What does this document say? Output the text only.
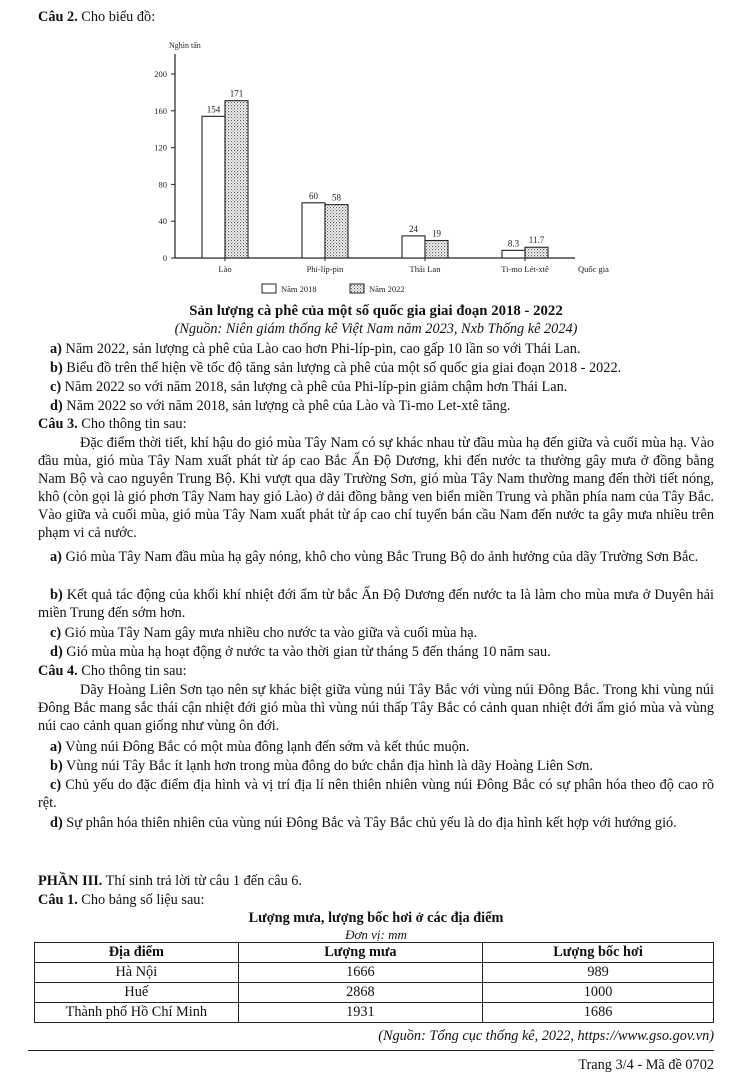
Câu 2. Cho biểu đồ:
Nghìn tấn
Quốc gia
0
40
80
120
160
200
Lào	Phi-líp-pin	Thái Lan	Ti-mo Lét-xtê
154
171
60 58
24 19
8.3 11.7
Năm 2018	Năm 2022
Sản lượng cà phê của một số quốc gia giai đoạn 2018 - 2022
(Nguồn: Niên giám thống kê Việt Nam năm 2023, Nxb Thống kê 2024)
a) Năm 2022, sản lượng cà phê của Lào cao hơn Phi-líp-pin, cao gấp 10 lần so với Thái Lan.
b) Biểu đồ trên thể hiện về tốc độ tăng sản lượng cà phê của một số quốc gia giai đoạn 2018 - 2022.
c) Năm 2022 so với năm 2018, sản lượng cà phê của Phi-líp-pin giảm chậm hơn Thái Lan.
d) Năm 2022 so với năm 2018, sản lượng cà phê của Lào và Ti-mo Let-xtê tăng.
Câu 3. Cho thông tin sau:
Đặc điểm thời tiết, khí hậu do gió mùa Tây Nam có sự khác nhau từ đầu mùa hạ đến giữa và cuối mùa hạ. Vào đầu mùa, gió mùa Tây Nam xuất phát từ áp cao Bắc Ấn Độ Dương, khi đến nước ta thường gây mưa ở đồng bằng Nam Bộ và cao nguyên Trung Bộ. Khi vượt qua dãy Trường Sơn, gió mùa Tây Nam thường mang đến thời tiết nóng, khô (còn gọi là gió phơn Tây Nam hay gió Lào) ở dải đồng bằng ven biển miền Trung và phần phía nam của Tây Bắc. Vào giữa và cuối mùa, gió mùa Tây Nam xuất phát từ áp cao chí tuyến bán cầu Nam đến nước ta gây mưa nhiều trên phạm vi cả nước.
a) Gió mùa Tây Nam đầu mùa hạ gây nóng, khô cho vùng Bắc Trung Bộ do ảnh hưởng của dãy Trường Sơn Bắc.
b) Kết quả tác động của khối khí nhiệt đới ẩm từ bắc Ấn Độ Dương đến nước ta là làm cho mùa mưa ở Duyên hải miền Trung đến sớm hơn.
c) Gió mùa Tây Nam gây mưa nhiều cho nước ta vào giữa và cuối mùa hạ.
d) Gió mùa mùa hạ hoạt động ở nước ta vào thời gian từ tháng 5 đến tháng 10 năm sau.
Câu 4. Cho thông tin sau:
Dãy Hoàng Liên Sơn tạo nên sự khác biệt giữa vùng núi Tây Bắc với vùng núi Đông Bắc. Trong khi vùng núi Đông Bắc mang sắc thái cận nhiệt đới gió mùa thì vùng núi thấp Tây Bắc có cảnh quan nhiệt đới ẩm gió mùa và vùng núi cao cảnh quan giống như vùng ôn đới.
a) Vùng núi Đông Bắc có một mùa đông lạnh đến sớm và kết thúc muộn.
b) Vùng núi Tây Bắc ít lạnh hơn trong mùa đông do bức chắn địa hình là dãy Hoàng Liên Sơn.
c) Chủ yếu do đặc điểm địa hình và vị trí địa lí nên thiên nhiên vùng núi Đông Bắc có sự phân hóa theo độ cao rõ rệt.
d) Sự phân hóa thiên nhiên của vùng núi Đông Bắc và Tây Bắc chủ yếu là do địa hình kết hợp với hướng gió.
PHẦN III. Thí sinh trả lời từ câu 1 đến câu 6.
Câu 1. Cho bảng số liệu sau:
Lượng mưa, lượng bốc hơi ở các địa điểm
Đơn vị: mm
Địa điểm	Lượng mưa	Lượng bốc hơi
Hà Nội	1666	989
Huế	2868	1000
Thành phố Hồ Chí Minh	1931	1686
(Nguồn: Tổng cục thống kê, 2022, https://www.gso.gov.vn)
Trang 3/4 - Mã đề 0702
